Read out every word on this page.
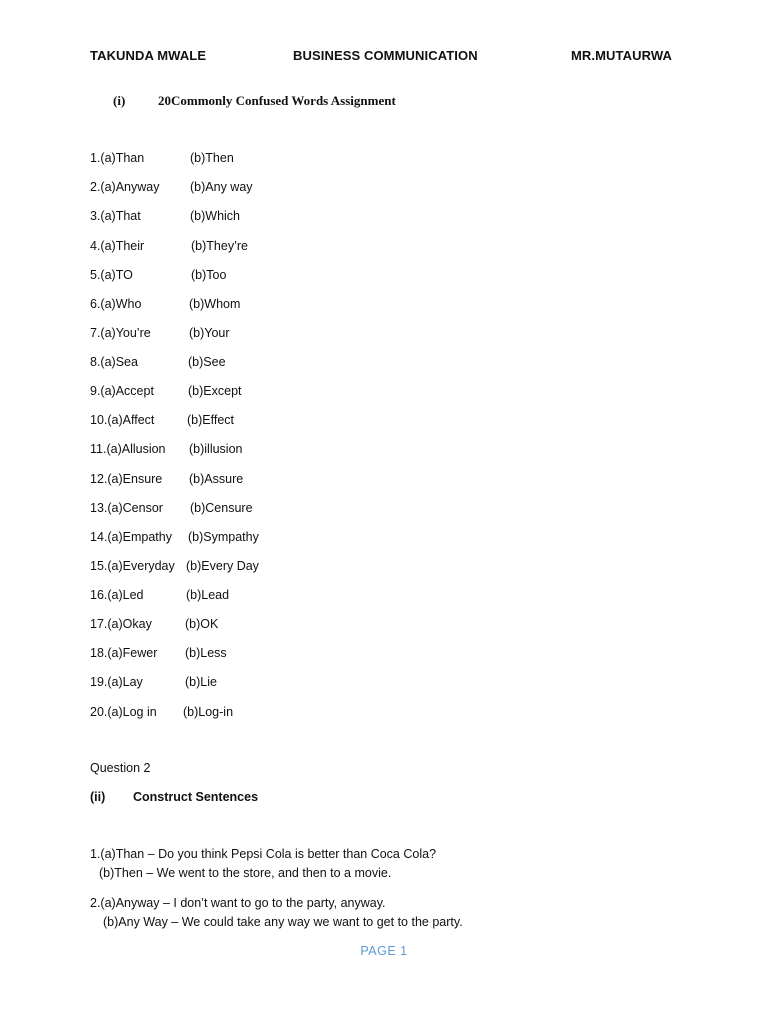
TAKUNDA MWALE	BUSINESS COMMUNICATION	MR.MUTAURWA
(i)	20Commonly Confused Words Assignment
1.(a)Than	(b)Then
2.(a)Anyway (b)Any way
3.(a)That	(b)Which
4.(a)Their	(b)They’re
5.(a)TO	(b)Too
6.(a)Who	(b)Whom
7.(a)You’re	(b)Your
8.(a)Sea	(b)See
9.(a)Accept	(b)Except
10.(a)Affect	(b)Effect
11.(a)Allusion (b)illusion
12.(a)Ensure (b)Assure
13.(a)Censor (b)Censure
14.(a)Empathy (b)Sympathy
15.(a)Everyday (b)Every Day
16.(a)Led	(b)Lead
17.(a)Okay	(b)OK
18.(a)Fewer (b)Less
19.(a)Lay	(b)Lie
20.(a)Log in (b)Log-in
Question 2
(ii) Construct Sentences
1.(a)Than – Do you think Pepsi Cola is better than Coca Cola?
(b)Then – We went to the store, and then to a movie.
2.(a)Anyway – I don’t want to go to the party, anyway.
(b)Any Way – We could take any way we want to get to the party.
PAGE 1
